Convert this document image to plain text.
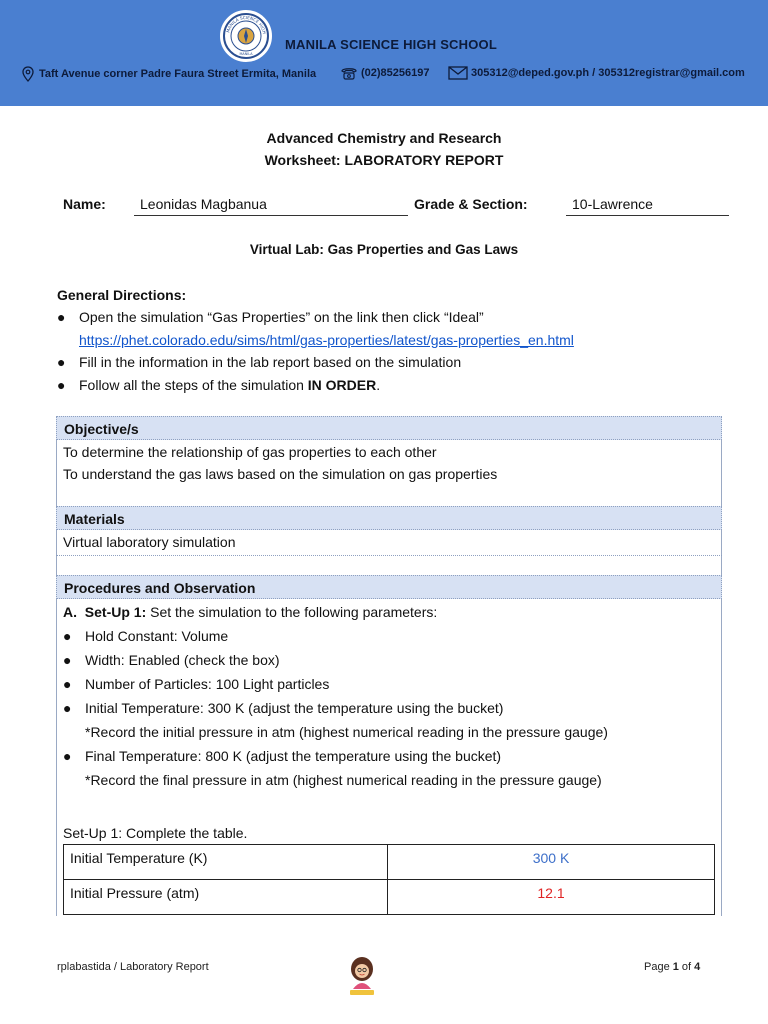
MANILA SCIENCE HIGH
MANILA
MANILA SCIENCE HIGH SCHOOL
Taft Avenue corner Padre Faura Street Ermita, Manila	(02)85256197	305312@deped.gov.ph / 305312registrar@gmail.com
Advanced Chemistry and Research
Worksheet: LABORATORY REPORT
Name:	Leonidas Magbanua	Grade & Section:	10-Lawrence
Virtual Lab: Gas Properties and Gas Laws
General Directions:
● Open the simulation “Gas Properties” on the link then click “Ideal”
https://phet.colorado.edu/sims/html/gas-properties/latest/gas-properties_en.html
● Fill in the information in the lab report based on the simulation
● Follow all the steps of the simulation IN ORDER.
Objective/s
To determine the relationship of gas properties to each other
To understand the gas laws based on the simulation on gas properties
Materials
Virtual laboratory simulation
Procedures and Observation
A. Set-Up 1: Set the simulation to the following parameters:
● Hold Constant: Volume
● Width: Enabled (check the box)
● Number of Particles: 100 Light particles
● Initial Temperature: 300 K (adjust the temperature using the bucket)
*Record the initial pressure in atm (highest numerical reading in the pressure gauge)
● Final Temperature: 800 K (adjust the temperature using the bucket)
*Record the final pressure in atm (highest numerical reading in the pressure gauge)
Set-Up 1: Complete the table.
Initial Temperature (K)	300 K
Initial Pressure (atm)	12.1
rplabastida / Laboratory Report	Page 1 of 4
